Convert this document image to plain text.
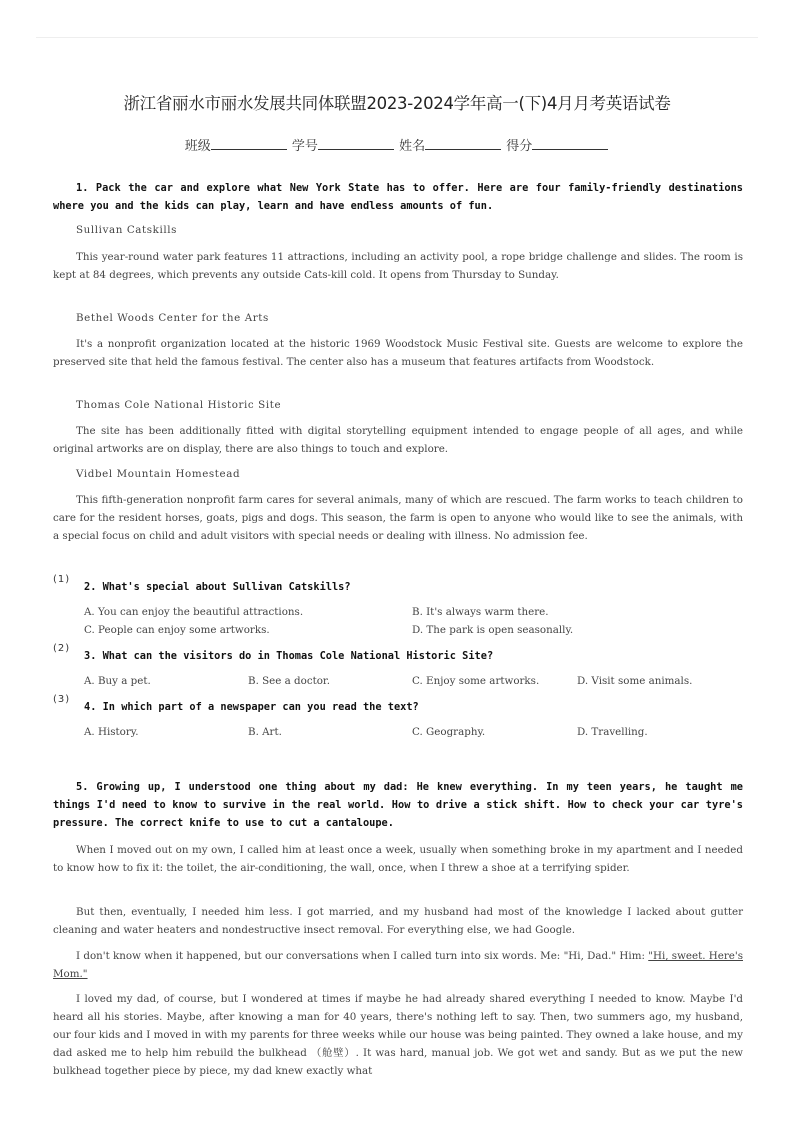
浙江省丽水市丽水发展共同体联盟2023-2024学年高一(下)4月月考英语试卷
班级	学号	姓名	得分
1. Pack the car and explore what New York State has to offer. Here are four family-friendly destinations where you and the kids can play, learn and have endless amounts of fun.
Sullivan Catskills
This year-round water park features 11 attractions, including an activity pool, a rope bridge challenge and slides. The room is kept at 84 degrees, which prevents any outside Cats-kill cold. It opens from Thursday to Sunday.
Bethel Woods Center for the Arts
It's a nonprofit organization located at the historic 1969 Woodstock Music Festival site. Guests are welcome to explore the preserved site that held the famous festival. The center also has a museum that features artifacts from Woodstock.
Thomas Cole National Historic Site
The site has been additionally fitted with digital storytelling equipment intended to engage people of all ages, and while original artworks are on display, there are also things to touch and explore.
Vidbel Mountain Homestead
This fifth-generation nonprofit farm cares for several animals, many of which are rescued. The farm works to teach children to care for the resident horses, goats, pigs and dogs. This season, the farm is open to anyone who would like to see the animals, with a special focus on child and adult visitors with special needs or dealing with illness. No admission fee.
(1)
2. What's special about Sullivan Catskills?
A. You can enjoy the beautiful attractions.	B. It's always warm there.
C. People can enjoy some artworks.	D. The park is open seasonally.
(2)
3. What can the visitors do in Thomas Cole National Historic Site?
A. Buy a pet.	B. See a doctor.	C. Enjoy some artworks.	D. Visit some animals.
(3)
4. In which part of a newspaper can you read the text?
A. History.	B. Art.	C. Geography.	D. Travelling.
5. Growing up, I understood one thing about my dad: He knew everything. In my teen years, he taught me things I'd need to know to survive in the real world. How to drive a stick shift. How to check your car tyre's pressure. The correct knife to use to cut a cantaloupe.
When I moved out on my own, I called him at least once a week, usually when something broke in my apartment and I needed to know how to fix it: the toilet, the air-conditioning, the wall, once, when I threw a shoe at a terrifying spider.
But then, eventually, I needed him less. I got married, and my husband had most of the knowledge I lacked about gutter cleaning and water heaters and nondestructive insect removal. For everything else, we had Google.
I don't know when it happened, but our conversations when I called turn into six words. Me: "Hi, Dad." Him: "Hi, sweet. Here's Mom."
I loved my dad, of course, but I wondered at times if maybe he had already shared everything I needed to know. Maybe I'd heard all his stories. Maybe, after knowing a man for 40 years, there's nothing left to say. Then, two summers ago, my husband, our four kids and I moved in with my parents for three weeks while our house was being painted. They owned a lake house, and my dad asked me to help him rebuild the bulkhead （舱壁）. It was hard, manual job. We got wet and sandy. But as we put the new bulkhead together piece by piece, my dad knew exactly what
